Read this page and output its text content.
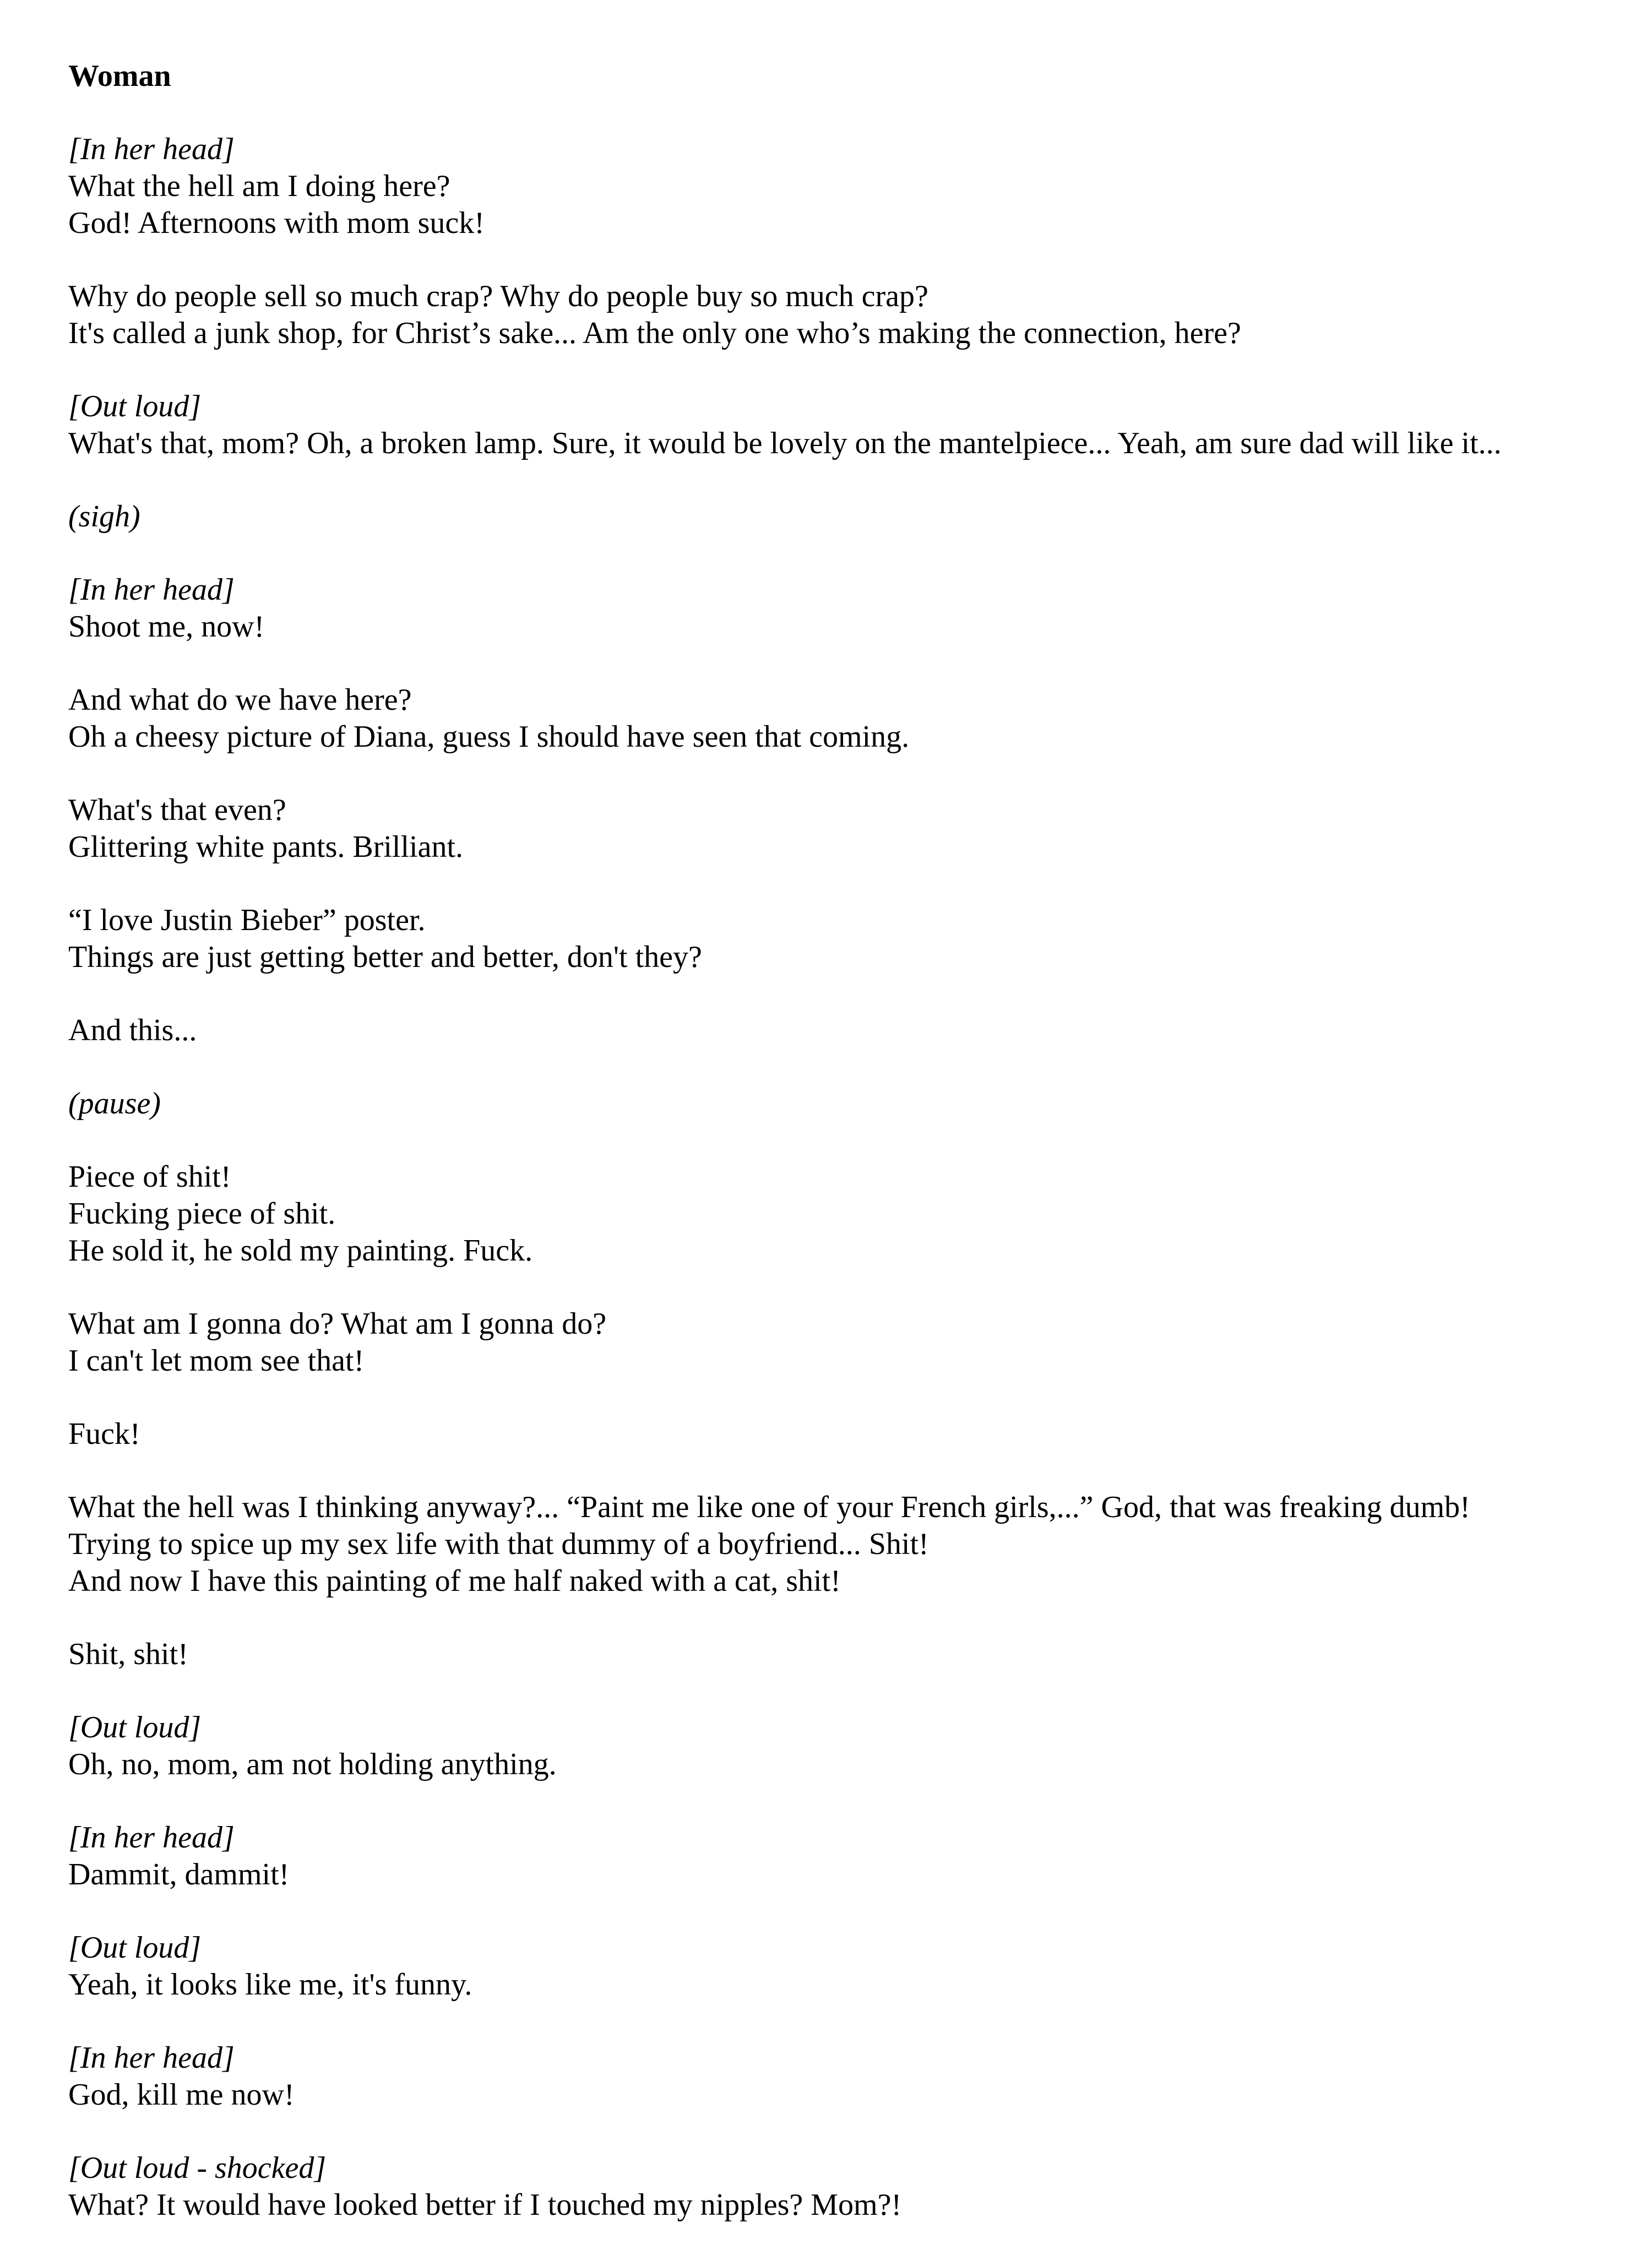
Woman
[In her head]
What the hell am I doing here?
God! Afternoons with mom suck!
Why do people sell so much crap? Why do people buy so much crap?
It's called a junk shop, for Christ’s sake... Am the only one who’s making the connection, here?
[Out loud]
What's that, mom? Oh, a broken lamp. Sure, it would be lovely on the mantelpiece... Yeah, am sure dad will like it...
(sigh)
[In her head]
Shoot me, now!
And what do we have here?
Oh a cheesy picture of Diana, guess I should have seen that coming.
What's that even?
Glittering white pants. Brilliant.
“I love Justin Bieber” poster.
Things are just getting better and better, don't they?
And this...
(pause)
Piece of shit!
Fucking piece of shit.
He sold it, he sold my painting. Fuck.
What am I gonna do? What am I gonna do?
I can't let mom see that!
Fuck!
What the hell was I thinking anyway?... “Paint me like one of your French girls,...” God, that was freaking dumb!
Trying to spice up my sex life with that dummy of a boyfriend... Shit!
And now I have this painting of me half naked with a cat, shit!
Shit, shit!
[Out loud]
Oh, no, mom, am not holding anything.
[In her head]
Dammit, dammit!
[Out loud]
Yeah, it looks like me, it's funny.
[In her head]
God, kill me now!
[Out loud - shocked]
What? It would have looked better if I touched my nipples? Mom?!
